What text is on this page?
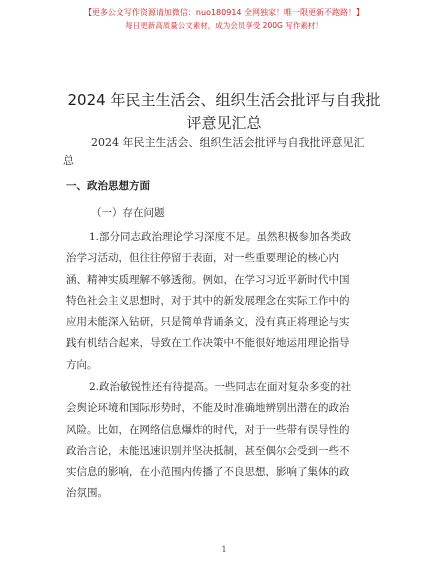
【更多公文写作资源请加微信：nuo180914 全网独家！唯一限更新不跑路！】
每日更新高质量公文素材，成为会员享受 200G 写作素材！
2024 年民主生活会、组织生活会批评与自我批
评意见汇总
2024 年民主生活会、组织生活会批评与自我批评意见汇
总
一、政治思想方面
（一）存在问题
1.部分同志政治理论学习深度不足。虽然积极参加各类政
治学习活动，但往往停留于表面，对一些重要理论的核心内
涵、精神实质理解不够透彻。例如，在学习习近平新时代中国
特色社会主义思想时，对于其中的新发展理念在实际工作中的
应用未能深入钻研，只是简单背诵条文，没有真正将理论与实
践有机结合起来，导致在工作决策中不能很好地运用理论指导
方向。
2.政治敏锐性还有待提高。一些同志在面对复杂多变的社
会舆论环境和国际形势时，不能及时准确地辨别出潜在的政治
风险。比如，在网络信息爆炸的时代，对于一些带有误导性的
政治言论，未能迅速识别并坚决抵制，甚至偶尔会受到一些不
实信息的影响，在小范围内传播了不良思想，影响了集体的政
治氛围。
1
